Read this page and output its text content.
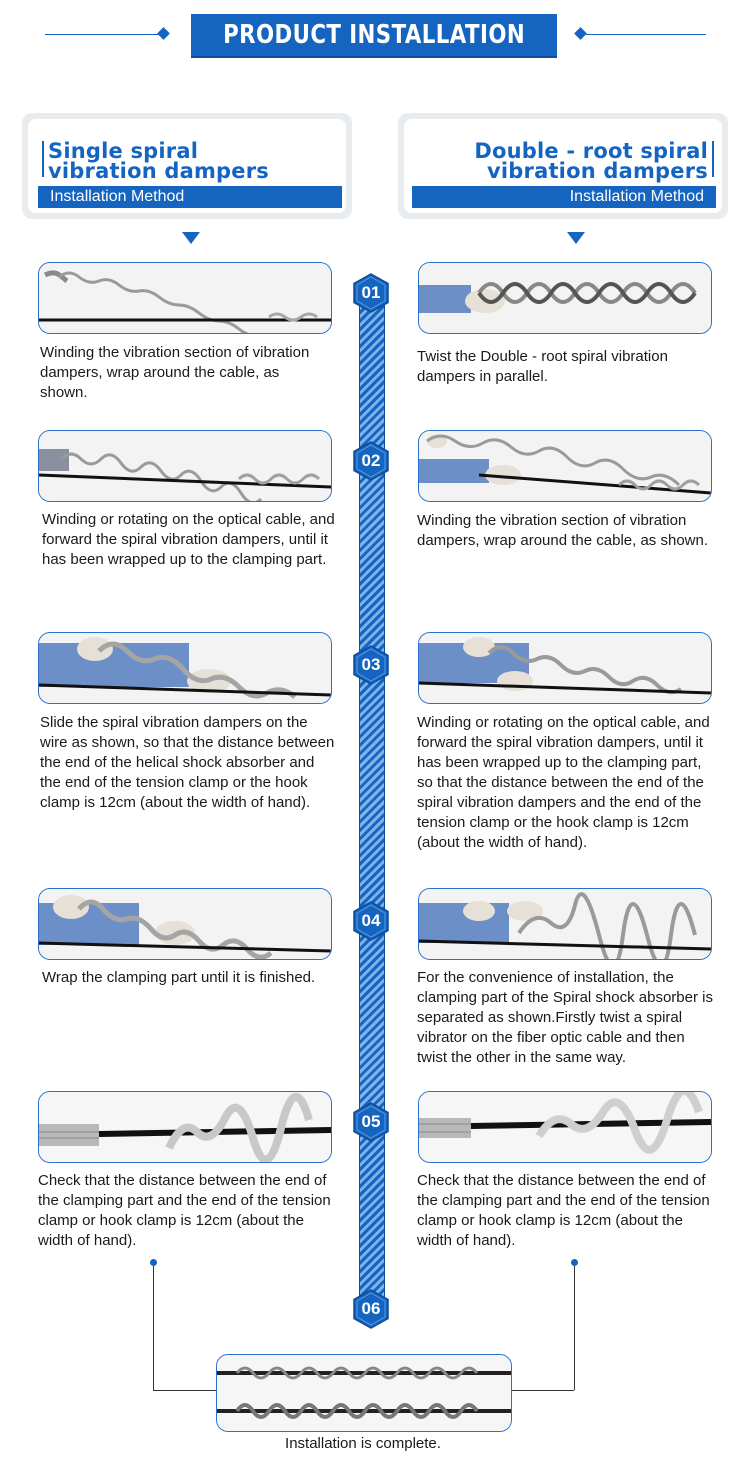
PRODUCT INSTALLATION
Single spiral
vibration dampers
Installation Method
Double - root spiral
vibration dampers
Installation Method
01
02
03
04
05
06
Winding the vibration section of vibration dampers, wrap around the cable, as shown.
Twist the Double - root spiral vibration dampers in parallel.
Winding or rotating on the optical cable, and forward the spiral vibration dampers, until it has been wrapped up to the clamping part.
Winding the vibration section of vibration dampers, wrap around the cable, as shown.
Slide the spiral vibration dampers on the wire as shown, so that the distance between the end of the helical shock absorber and the end of the tension clamp or the hook clamp is 12cm (about the width of hand).
Winding or rotating on the optical cable, and forward the spiral vibration dampers, until it has been wrapped up to the clamping part, so that the distance between the end of the spiral vibration dampers and the end of the tension clamp or the hook clamp is 12cm (about the width of hand).
Wrap the clamping part until it is finished.	For the convenience of installation, the clamping part of the Spiral shock absorber is separated as shown.Firstly twist a spiral vibrator on the fiber optic cable and then twist the other in the same way.
Check that the distance between the end of the clamping part and the end of the tension clamp or hook clamp is 12cm (about the width of hand).
Check that the distance between the end of the clamping part and the end of the tension clamp or hook clamp is 12cm (about the width of hand).
Installation is complete.
